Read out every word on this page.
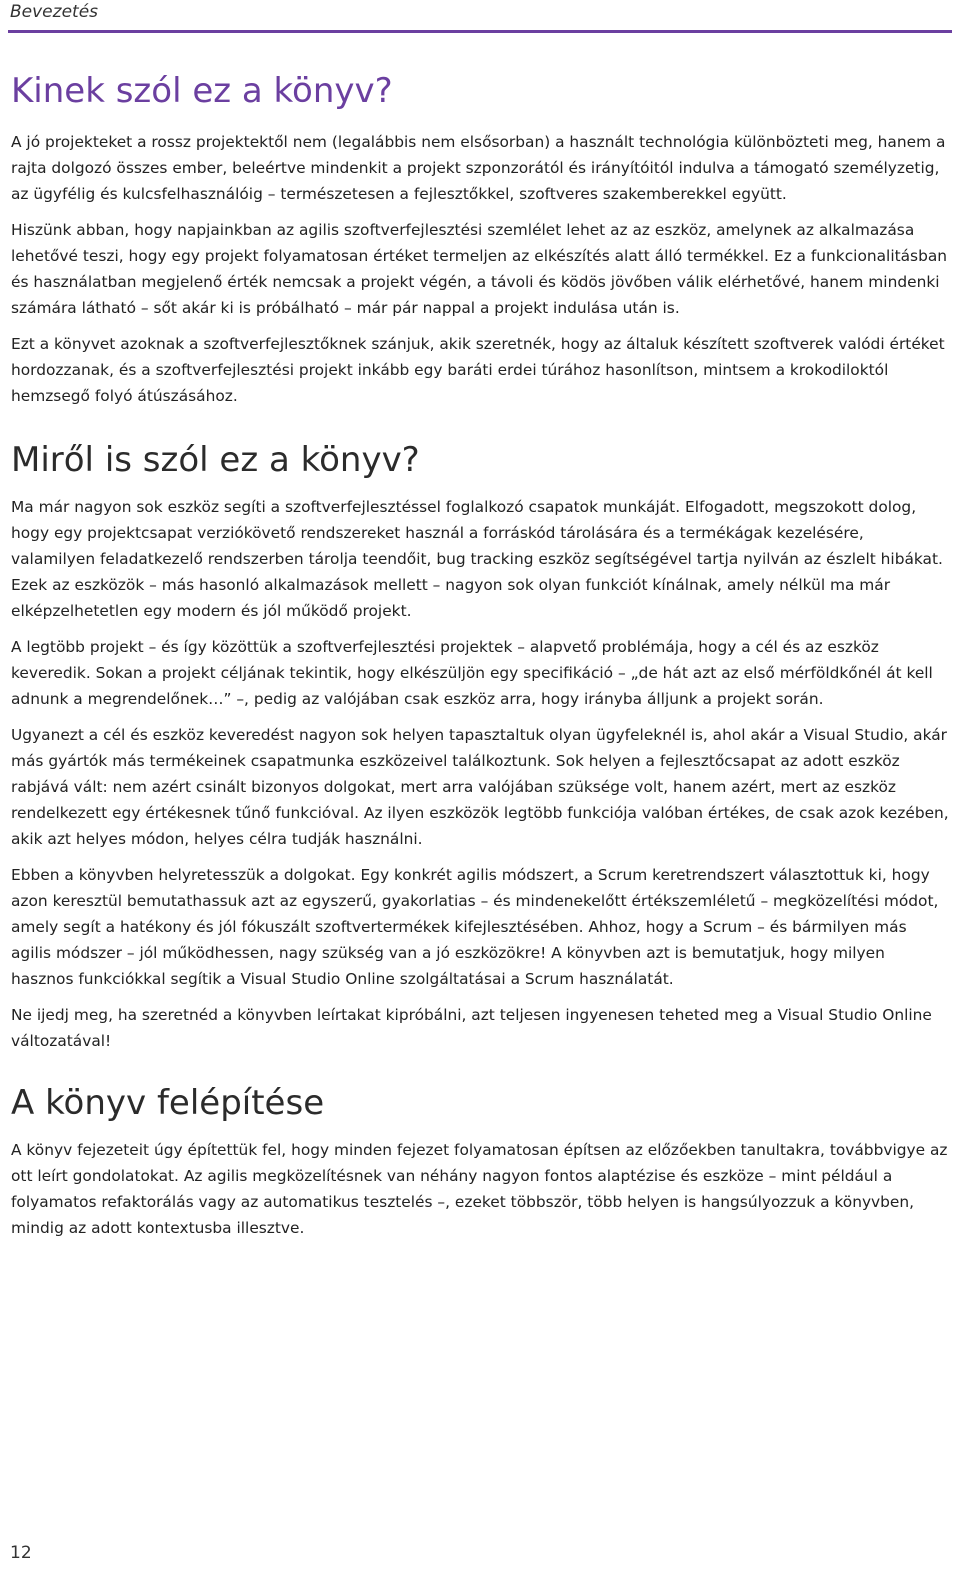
Bevezetés
Kinek szól ez a könyv?

A jó projekteket a rossz projektektől nem (legalábbis nem elsősorban) a használt technológia különbözteti meg, hanem a rajta dolgozó összes ember, beleértve mindenkit a projekt szponzorától és irányítóitól indulva a támogató személyzetig, az ügyfélig és kulcsfelhasználóig – természetesen a fejlesztőkkel, szoftveres szakemberekkel együtt.

Hiszünk abban, hogy napjainkban az agilis szoftverfejlesztési szemlélet lehet az az eszköz, amelynek az alkalmazása lehetővé teszi, hogy egy projekt folyamatosan értéket termeljen az elkészítés alatt álló termékkel. Ez a funkcionalitásban és használatban megjelenő érték nemcsak a projekt végén, a távoli és ködös jövőben válik elérhetővé, hanem mindenki számára látható – sőt akár ki is próbálható – már pár nappal a projekt indulása után is.

Ezt a könyvet azoknak a szoftverfejlesztőknek szánjuk, akik szeretnék, hogy az általuk készített szoftverek valódi értéket hordozzanak, és a szoftverfejlesztési projekt inkább egy baráti erdei túrához hasonlítson, mintsem a krokodiloktól hemzsegő folyó átúszásához.

Miről is szól ez a könyv?

Ma már nagyon sok eszköz segíti a szoftverfejlesztéssel foglalkozó csapatok munkáját. Elfogadott, megszokott dolog, hogy egy projektcsapat verziókövető rendszereket használ a forráskód tárolására és a termékágak kezelésére, valamilyen feladatkezelő rendszerben tárolja teendőit, bug tracking eszköz segítségével tartja nyilván az észlelt hibákat. Ezek az eszközök – más hasonló alkalmazások mellett – nagyon sok olyan funkciót kínálnak, amely nélkül ma már elképzelhetetlen egy modern és jól működő projekt.

A legtöbb projekt – és így közöttük a szoftverfejlesztési projektek – alapvető problémája, hogy a cél és az eszköz keveredik. Sokan a projekt céljának tekintik, hogy elkészüljön egy specifikáció – „de hát azt az első mérföldkőnél át kell adnunk a megrendelőnek…” –, pedig az valójában csak eszköz arra, hogy irányba álljunk a projekt során.

Ugyanezt a cél és eszköz keveredést nagyon sok helyen tapasztaltuk olyan ügyfeleknél is, ahol akár a Visual Studio, akár más gyártók más termékeinek csapatmunka eszközeivel találkoztunk. Sok helyen a fejlesztőcsapat az adott eszköz rabjává vált: nem azért csinált bizonyos dolgokat, mert arra valójában szüksége volt, hanem azért, mert az eszköz rendelkezett egy értékesnek tűnő funkcióval. Az ilyen eszközök legtöbb funkciója valóban értékes, de csak azok kezében, akik azt helyes módon, helyes célra tudják használni.

Ebben a könyvben helyretesszük a dolgokat. Egy konkrét agilis módszert, a Scrum keretrendszert választottuk ki, hogy azon keresztül bemutathassuk azt az egyszerű, gyakorlatias – és mindenekelőtt értékszemléletű – megközelítési módot, amely segít a hatékony és jól fókuszált szoftvertermékek kifejlesztésében. Ahhoz, hogy a Scrum – és bármilyen más agilis módszer – jól működhessen, nagy szükség van a jó eszközökre! A könyvben azt is bemutatjuk, hogy milyen hasznos funkciókkal segítik a Visual Studio Online szolgáltatásai a Scrum használatát.

Ne ijedj meg, ha szeretnéd a könyvben leírtakat kipróbálni, azt teljesen ingyenesen teheted meg a Visual Studio Online változatával!

A könyv felépítése

A könyv fejezeteit úgy építettük fel, hogy minden fejezet folyamatosan építsen az előzőekben tanultakra, továbbvigye az ott leírt gondolatokat. Az agilis megközelítésnek van néhány nagyon fontos alaptézise és eszköze – mint például a folyamatos refaktorálás vagy az automatikus tesztelés –, ezeket többször, több helyen is hangsúlyozzuk a könyvben, mindig az adott kontextusba illesztve.

12
